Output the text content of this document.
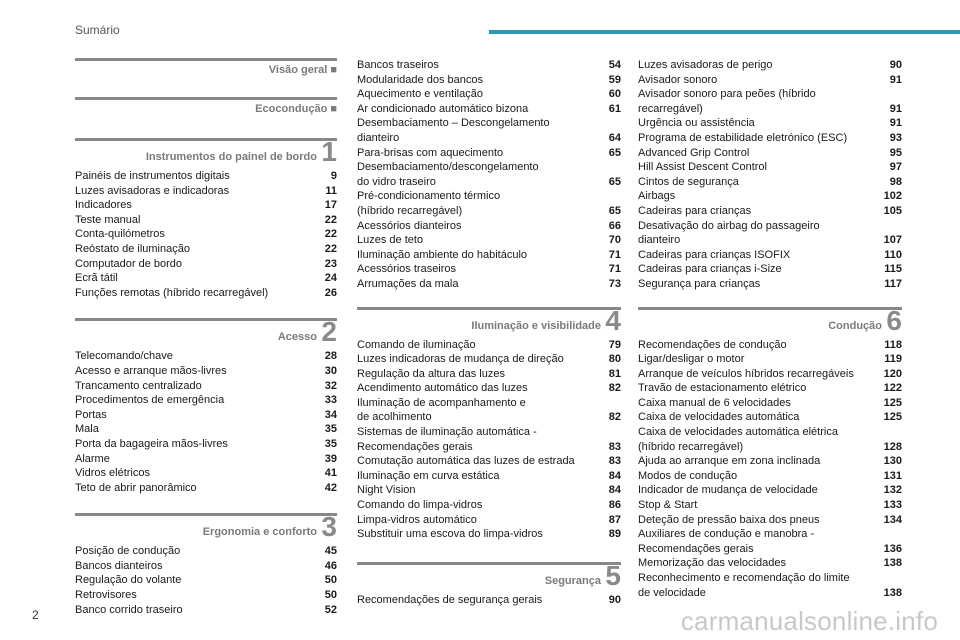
Sumário
Visão geral ■
Ecocondução ■
Instrumentos do painel de bordo 1
Painéis de instrumentos digitais	9
Luzes avisadoras e indicadoras	11
Indicadores	17
Teste manual	22
Conta-quilómetros	22
Reóstato de iluminação	22
Computador de bordo	23
Ecrã tátil	24
Funções remotas (híbrido recarregável)	26
Acesso 2
Telecomando/chave	28
Acesso e arranque mãos-livres	30
Trancamento centralizado	32
Procedimentos de emergência	33
Portas	34
Mala	35
Porta da bagageira mãos-livres	35
Alarme	39
Vidros elétricos	41
Teto de abrir panorâmico	42
Ergonomia e conforto 3
Posição de condução	45
Bancos dianteiros	46
Regulação do volante	50
Retrovisores	50
Banco corrido traseiro	52
Bancos traseiros	54
Modularidade dos bancos	59
Aquecimento e ventilação	60
Ar condicionado automático bizona	61
Desembaciamento – Descongelamento
dianteiro	64
Para-brisas com aquecimento	65
Desembaciamento/descongelamento
do vidro traseiro	65
Pré-condicionamento térmico
(híbrido recarregável)	65
Acessórios dianteiros	66
Luzes de teto	70
Iluminação ambiente do habitáculo	71
Acessórios traseiros	71
Arrumações da mala	73
Iluminação e visibilidade 4
Comando de iluminação	79
Luzes indicadoras de mudança de direção	80
Regulação da altura das luzes	81
Acendimento automático das luzes	82
Iluminação de acompanhamento e
de acolhimento	82
Sistemas de iluminação automática -
Recomendações gerais	83
Comutação automática das luzes de estrada	83
Iluminação em curva estática	84
Night Vision	84
Comando do limpa-vidros	86
Limpa-vidros automático	87
Substituir uma escova do limpa-vidros	89
Segurança 5
Recomendações de segurança gerais	90
Luzes avisadoras de perigo	90
Avisador sonoro	91
Avisador sonoro para peões (híbrido
recarregável)	91
Urgência ou assistência	91
Programa de estabilidade eletrónico (ESC)	93
Advanced Grip Control	95
Hill Assist Descent Control	97
Cintos de segurança	98
Airbags	102
Cadeiras para crianças	105
Desativação do airbag do passageiro
dianteiro	107
Cadeiras para crianças ISOFIX	110
Cadeiras para crianças i-Size	115
Segurança para crianças	117
Condução 6
Recomendações de condução	118
Ligar/desligar o motor	119
Arranque de veículos híbridos recarregáveis	120
Travão de estacionamento elétrico	122
Caixa manual de 6 velocidades	125
Caixa de velocidades automática	125
Caixa de velocidades automática elétrica
(híbrido recarregável)	128
Ajuda ao arranque em zona inclinada	130
Modos de condução	131
Indicador de mudança de velocidade	132
Stop & Start	133
Deteção de pressão baixa dos pneus	134
Auxiliares de condução e manobra -
Recomendações gerais	136
Memorização das velocidades	138
Reconhecimento e recomendação do limite
de velocidade	138
2	carmanualsonline.info
